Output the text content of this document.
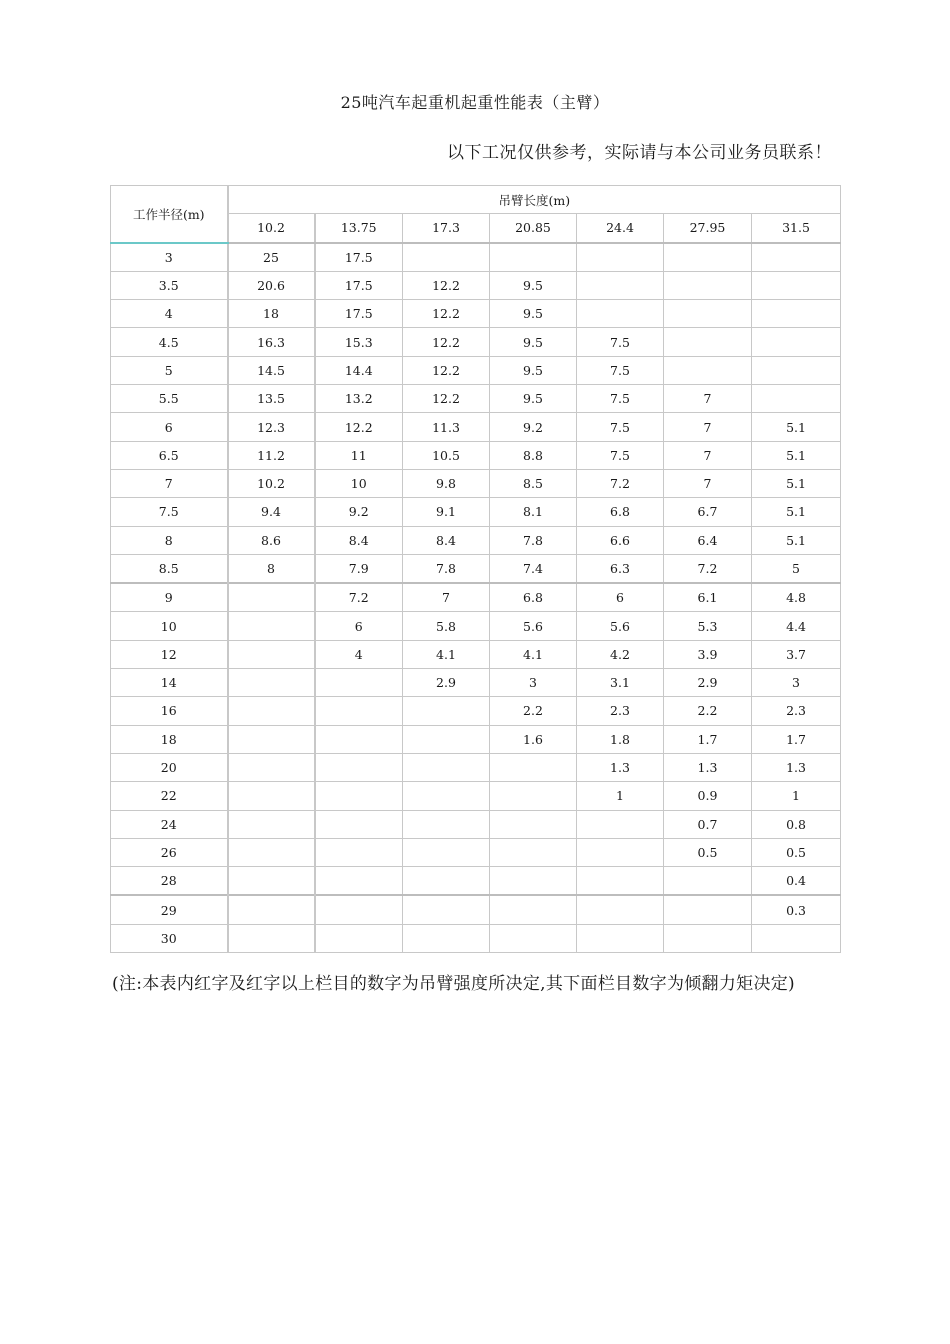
25吨汽车起重机起重性能表（主臂）
以下工况仅供参考，实际请与本公司业务员联系！
工作半径(m)	吊臂长度(m)						
	10.2	13.75	17.3	20.85	24.4	27.95	31.5
3	25	17.5					
3.5	20.6	17.5	12.2	9.5			
4	18	17.5	12.2	9.5			
4.5	16.3	15.3	12.2	9.5	7.5		
5	14.5	14.4	12.2	9.5	7.5		
5.5	13.5	13.2	12.2	9.5	7.5	7	
6	12.3	12.2	11.3	9.2	7.5	7	5.1
6.5	11.2	11	10.5	8.8	7.5	7	5.1
7	10.2	10	9.8	8.5	7.2	7	5.1
7.5	9.4	9.2	9.1	8.1	6.8	6.7	5.1
8	8.6	8.4	8.4	7.8	6.6	6.4	5.1
8.5	8	7.9	7.8	7.4	6.3	7.2	5
9		7.2	7	6.8	6	6.1	4.8
10		6	5.8	5.6	5.6	5.3	4.4
12		4	4.1	4.1	4.2	3.9	3.7
14			2.9	3	3.1	2.9	3
16				2.2	2.3	2.2	2.3
18				1.6	1.8	1.7	1.7
20					1.3	1.3	1.3
22					1	0.9	1
24						0.7	0.8
26						0.5	0.5
28							0.4
29							0.3
30							
(注:本表内红字及红字以上栏目的数字为吊臂强度所决定,其下面栏目数字为倾翻力矩决定)
